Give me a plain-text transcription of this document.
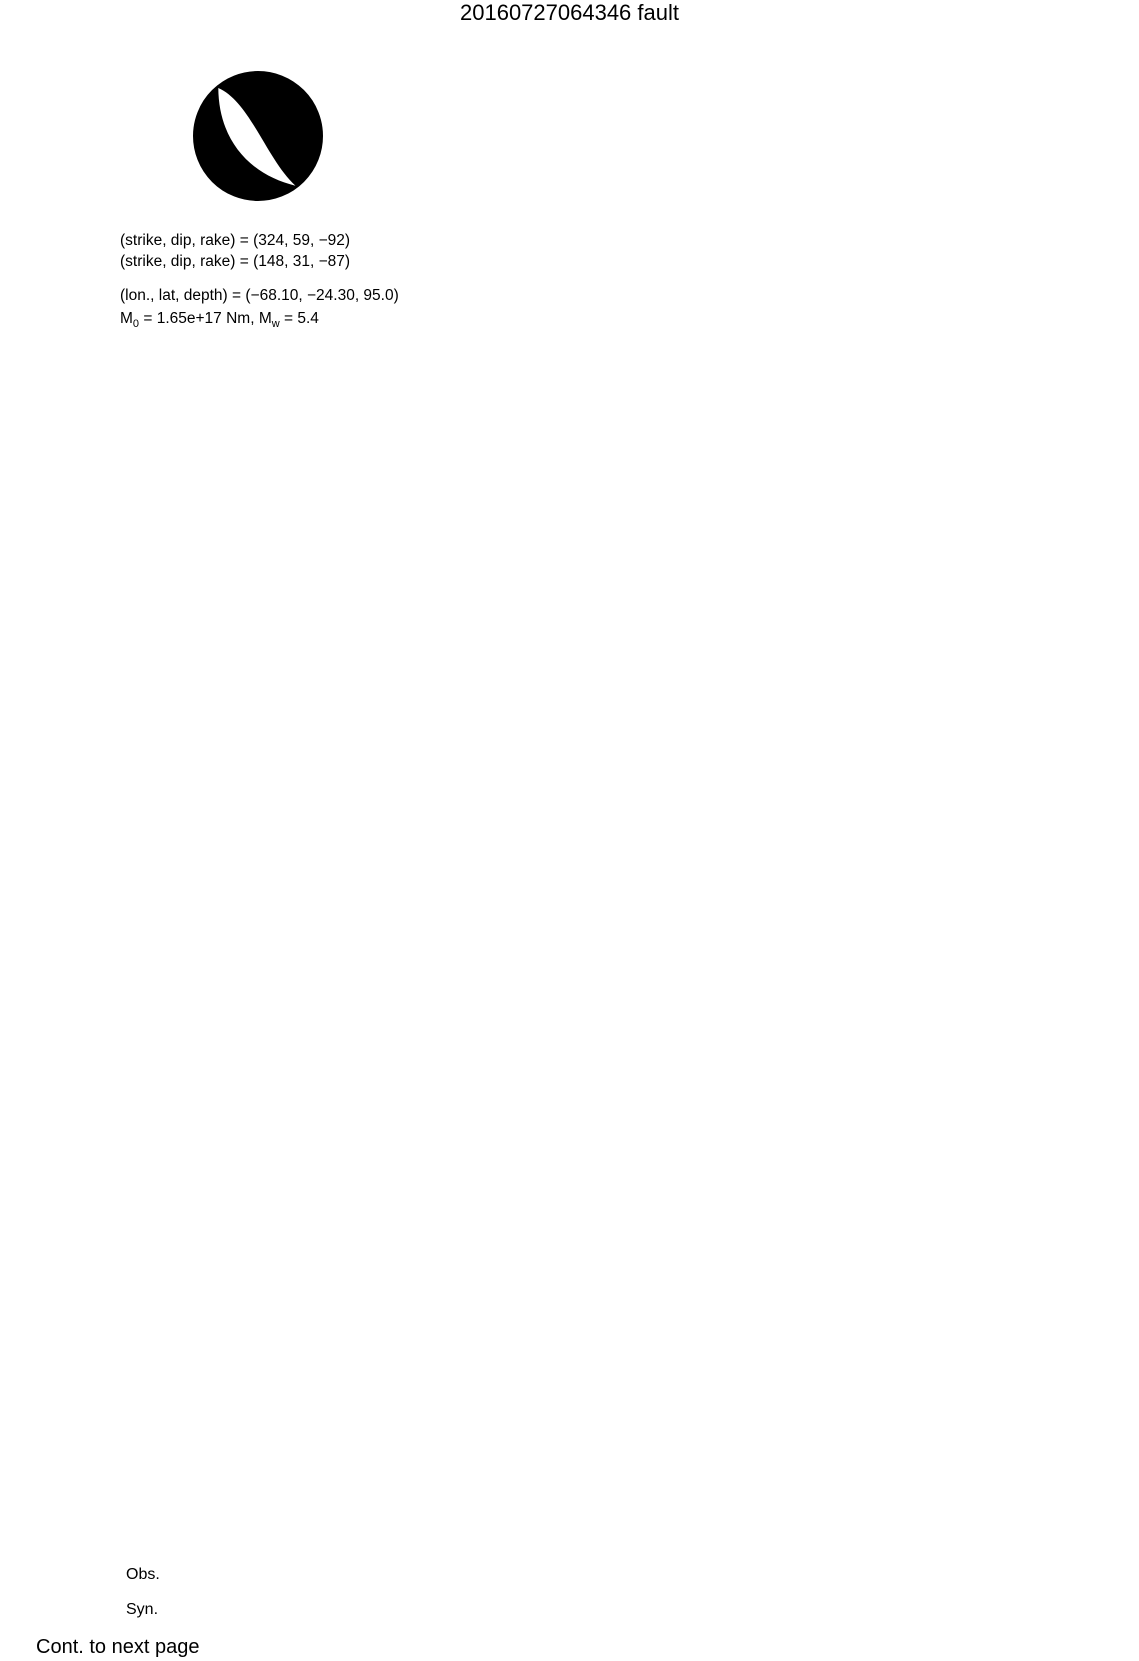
20160727064346 fault
(strike, dip, rake) = (324, 59, −92)
(strike, dip, rake) = (148, 31, −87)
(lon., lat, depth) = (−68.10, −24.30, 95.0)
$M_0 = 1.65e+17$ Nm, $M_w = 5.4$
Obs.
Syn.
Cont. to next page
